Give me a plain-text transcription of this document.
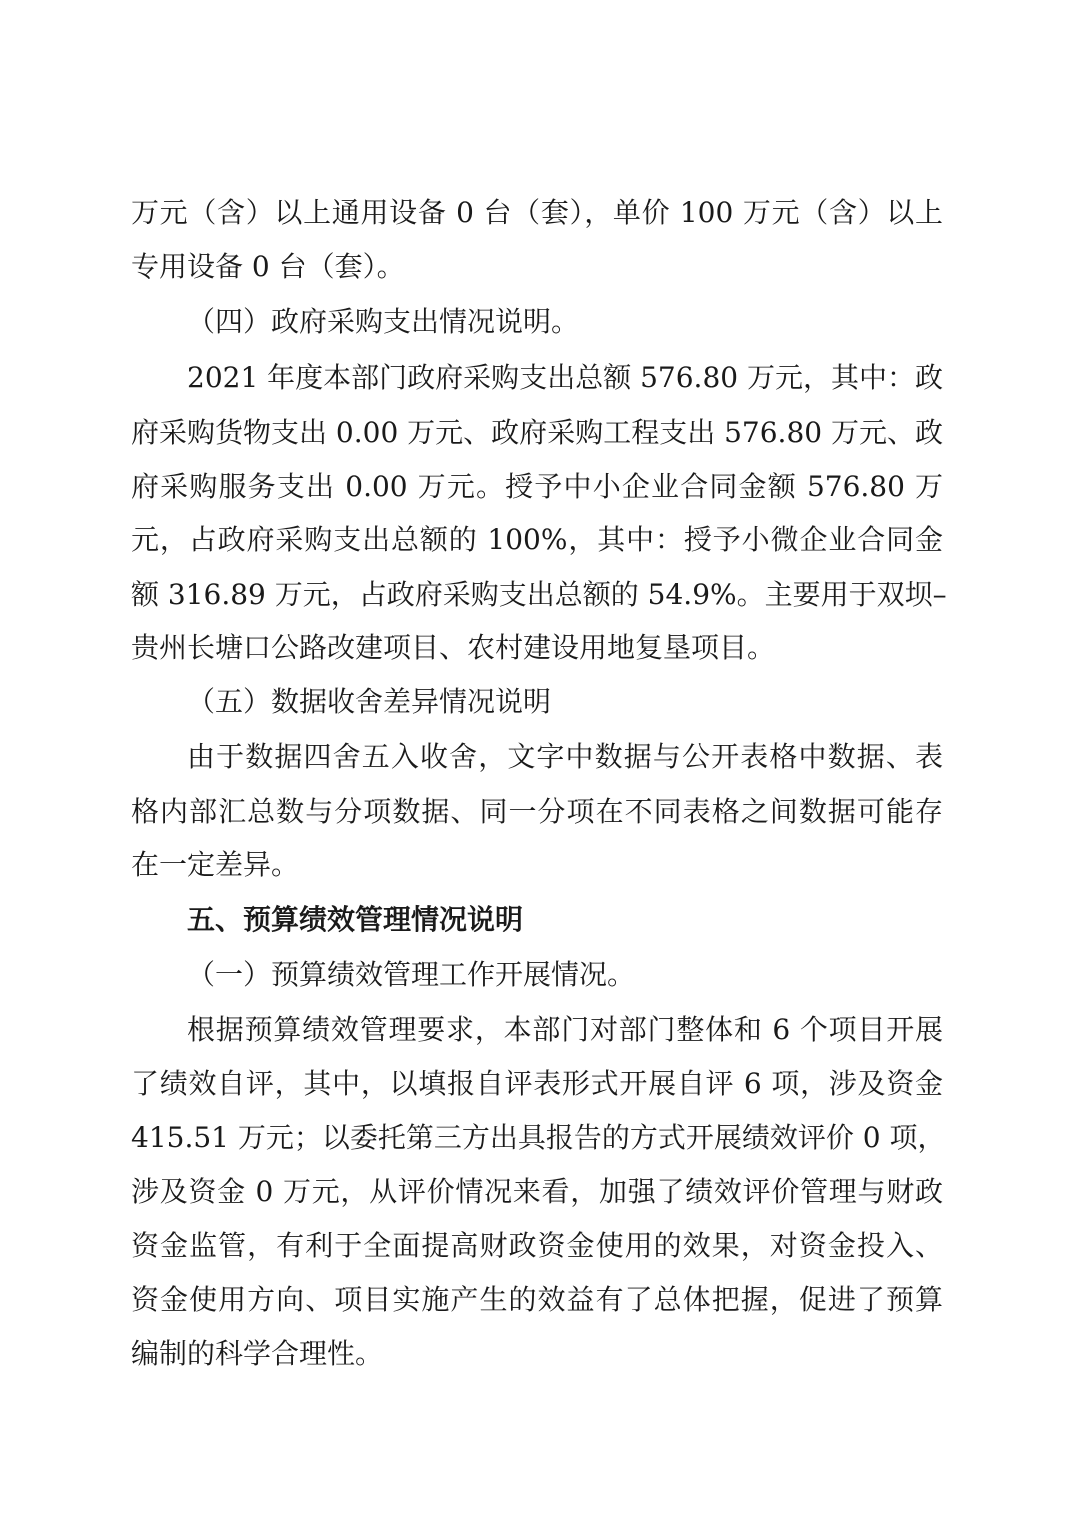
万元（含）以上通用设备 0 台（套），单价 100 万元（含）以上
专用设备 0 台（套）。
（四）政府采购支出情况说明。
2021 年度本部门政府采购支出总额 576.80 万元，其中：政
府采购货物支出 0.00 万元、政府采购工程支出 576.80 万元、政
府采购服务支出 0.00 万元。授予中小企业合同金额 576.80 万
元，占政府采购支出总额的 100%，其中：授予小微企业合同金
额 316.89 万元，占政府采购支出总额的 54.9%。主要用于双坝–
贵州长塘口公路改建项目、农村建设用地复垦项目。
（五）数据收舍差异情况说明
由于数据四舍五入收舍，文字中数据与公开表格中数据、表
格内部汇总数与分项数据、同一分项在不同表格之间数据可能存
在一定差异。
五、预算绩效管理情况说明
（一）预算绩效管理工作开展情况。
根据预算绩效管理要求，本部门对部门整体和 6 个项目开展
了绩效自评，其中，以填报自评表形式开展自评 6 项，涉及资金
415.51 万元；以委托第三方出具报告的方式开展绩效评价 0 项，
涉及资金 0 万元，从评价情况来看，加强了绩效评价管理与财政
资金监管，有利于全面提高财政资金使用的效果，对资金投入、
资金使用方向、项目实施产生的效益有了总体把握，促进了预算
编制的科学合理性。
